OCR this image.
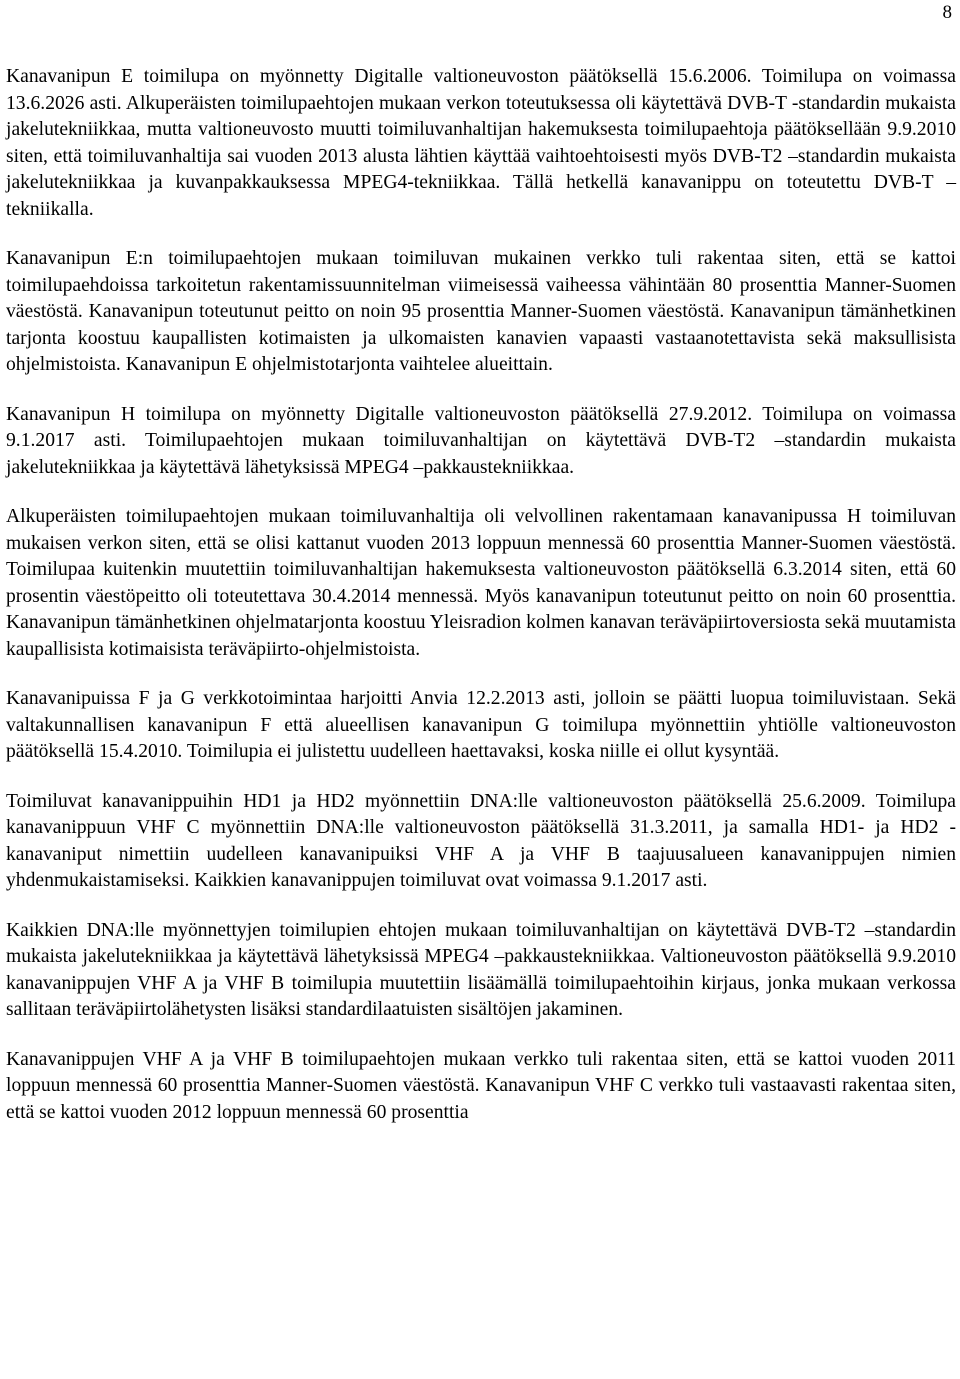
8

Kanavanipun E toimilupa on myönnetty Digitalle valtioneuvoston päätöksellä 15.6.2006. Toimilupa on voimassa 13.6.2026 asti. Alkuperäisten toimilupaehtojen mukaan verkon toteutuksessa oli käytettävä DVB-T -standardin mukaista jakelutekniikkaa, mutta valtioneuvosto muutti toimiluvanhaltijan hakemuksesta toimilupaehtoja päätöksellään 9.9.2010 siten, että toimiluvanhaltija sai vuoden 2013 alusta lähtien käyttää vaihtoehtoisesti myös DVB-T2 –standardin mukaista jakelutekniikkaa ja kuvanpakkauksessa MPEG4-tekniikkaa. Tällä hetkellä kanavanippu on toteutettu DVB-T –tekniikalla.

Kanavanipun E:n toimilupaehtojen mukaan toimiluvan mukainen verkko tuli rakentaa siten, että se kattoi toimilupaehdoissa tarkoitetun rakentamissuunnitelman viimeisessä vaiheessa vähintään 80 prosenttia Manner-Suomen väestöstä. Kanavanipun toteutunut peitto on noin 95 prosenttia Manner-Suomen väestöstä. Kanavanipun tämänhetkinen tarjonta koostuu kaupallisten kotimaisten ja ulkomaisten kanavien vapaasti vastaanotettavista sekä maksullisista ohjelmistoista. Kanavanipun E ohjelmistotarjonta vaihtelee alueittain.

Kanavanipun H toimilupa on myönnetty Digitalle valtioneuvoston päätöksellä 27.9.2012. Toimilupa on voimassa 9.1.2017 asti. Toimilupaehtojen mukaan toimiluvanhaltijan on käytettävä DVB-T2 –standardin mukaista jakelutekniikkaa ja käytettävä lähetyksissä MPEG4 –pakkaustekniikkaa.

Alkuperäisten toimilupaehtojen mukaan toimiluvanhaltija oli velvollinen rakentamaan kanavanipussa H toimiluvan mukaisen verkon siten, että se olisi kattanut vuoden 2013 loppuun mennessä 60 prosenttia Manner-Suomen väestöstä. Toimilupaa kuitenkin muutettiin toimiluvanhaltijan hakemuksesta valtioneuvoston päätöksellä 6.3.2014 siten, että 60 prosentin väestöpeitto oli toteutettava 30.4.2014 mennessä. Myös kanavanipun toteutunut peitto on noin 60 prosenttia. Kanavanipun tämänhetkinen ohjelmatarjonta koostuu Yleisradion kolmen kanavan teräväpiirtoversiosta sekä muutamista kaupallisista kotimaisista teräväpiirto-ohjelmistoista.

Kanavanipuissa F ja G verkkotoimintaa harjoitti Anvia 12.2.2013 asti, jolloin se päätti luopua toimiluvistaan. Sekä valtakunnallisen kanavanipun F että alueellisen kanavanipun G toimilupa myönnettiin yhtiölle valtioneuvoston päätöksellä 15.4.2010. Toimilupia ei julistettu uudelleen haettavaksi, koska niille ei ollut kysyntää.

Toimiluvat kanavanippuihin HD1 ja HD2 myönnettiin DNA:lle valtioneuvoston päätöksellä 25.6.2009. Toimilupa kanavanippuun VHF C myönnettiin DNA:lle valtioneuvoston päätöksellä 31.3.2011, ja samalla HD1- ja HD2 -kanavaniput nimettiin uudelleen kanavanipuiksi VHF A ja VHF B taajuusalueen kanavanippujen nimien yhdenmukaistamiseksi. Kaikkien kanavanippujen toimiluvat ovat voimassa 9.1.2017 asti.

Kaikkien DNA:lle myönnettyjen toimilupien ehtojen mukaan toimiluvanhaltijan on käytettävä DVB-T2 –standardin mukaista jakelutekniikkaa ja käytettävä lähetyksissä MPEG4 –pakkaustekniikkaa. Valtioneuvoston päätöksellä 9.9.2010 kanavanippujen VHF A ja VHF B toimilupia muutettiin lisäämällä toimilupaehtoihin kirjaus, jonka mukaan verkossa sallitaan teräväpiirtolähetysten lisäksi standardilaatuisten sisältöjen jakaminen.

Kanavanippujen VHF A ja VHF B toimilupaehtojen mukaan verkko tuli rakentaa siten, että se kattoi vuoden 2011 loppuun mennessä 60 prosenttia Manner-Suomen väestöstä. Kanavanipun VHF C verkko tuli vastaavasti rakentaa siten, että se kattoi vuoden 2012 loppuun mennessä 60 prosenttia
